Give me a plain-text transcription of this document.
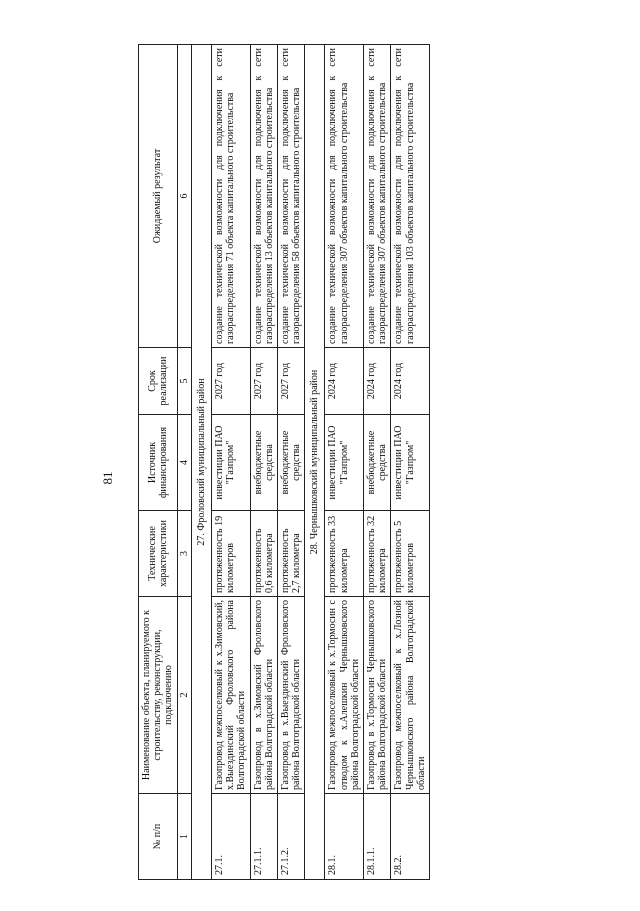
81
№ п/п	Наименование объекта, планируемого к строительству, реконструкции, подключению	Технические характеристики	Источник финансирования	Срок реализации	Ожидаемый результат
1	2	3	4	5	6
27. Фроловский муниципальный район					
27.1.	Газопровод межпоселковый к х.Зимовский, х.Выездинский Фроловского района Волгоградской области	протяженность 19 километров	инвестиции ПАО "Газпром"	2027 год	создание технической возможности для подключения к сети газораспределения 71 объекта капитального строительства
27.1.1.	Газопровод в х.Зимовский Фроловского района Волгоградской области	протяженность 0,6 километра	внебюджетные средства	2027 год	создание технической возможности для подключения к сети газораспределения 13 объектов капитального строительства
27.1.2.	Газопровод в х.Выездинский Фроловского района Волгоградской области	протяженность 2,7 километра	внебюджетные средства	2027 год	создание технической возможности для подключения к сети газораспределения 58 объектов капитального строительства
28. Чернышковский муниципальный район					
28.1.	Газопровод межпоселковый к х.Тормосин с отводом к х.Алешкин Чернышковского района Волгоградской области	протяженность 33 километра	инвестиции ПАО "Газпром"	2024 год	создание технической возможности для подключения к сети газораспределения 307 объектов капитального строительства
28.1.1.	Газопровод в х.Тормосин Чернышковского района Волгоградской области	протяженность 32 километра	внебюджетные средства	2024 год	создание технической возможности для подключения к сети газораспределения 307 объектов капитального строительства
28.2.	Газопровод межпоселковый к х.Лозной Чернышковского района Волгоградской области	протяженность 5 километров	инвестиции ПАО "Газпром"	2024 год	создание технической возможности для подключения к сети газораспределения 103 объектов капитального строительства
